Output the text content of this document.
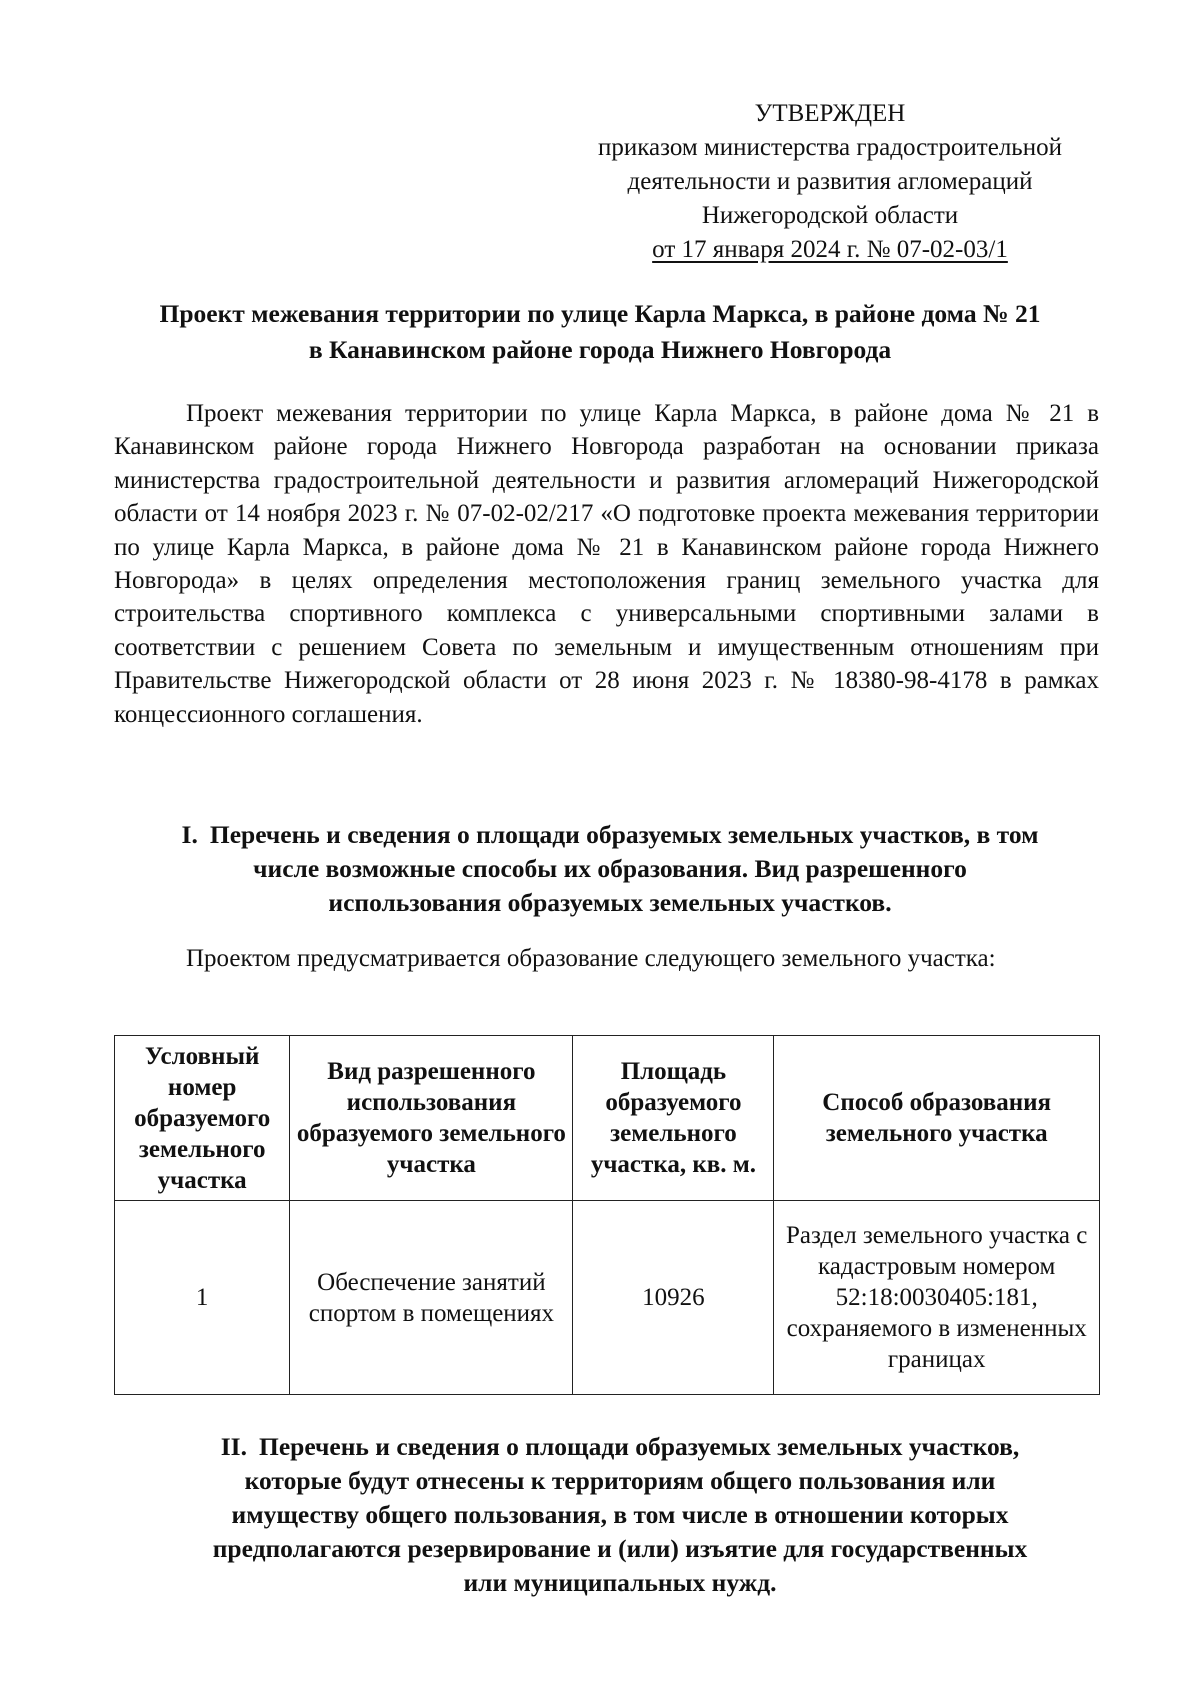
УТВЕРЖДЕН
приказом министерства градостроительной
деятельности и развития агломераций
Нижегородской области
от 17 января 2024 г. № 07-02-03/1
Проект межевания территории по улице Карла Маркса, в районе дома № 21
в Канавинском районе города Нижнего Новгорода

Проект межевания территории по улице Карла Маркса, в районе дома № 21 в Канавинском районе города Нижнего Новгорода разработан на основании приказа министерства градостроительной деятельности и развития агломераций Нижегородской области от 14 ноября 2023 г. № 07-02-02/217 «О подготовке проекта межевания территории по улице Карла Маркса, в районе дома № 21 в Канавинском районе города Нижнего Новгорода» в целях определения местоположения границ земельного участка для строительства спортивного комплекса с универсальными спортивными залами в соответствии с решением Совета по земельным и имущественным отношениям при Правительстве Нижегородской области от 28 июня 2023 г. № 18380-98-4178 в рамках концессионного соглашения.

I. Перечень и сведения о площади образуемых земельных участков, в том
числе возможные способы их образования. Вид разрешенного
использования образуемых земельных участков.

Проектом предусматривается образование следующего земельного участка:

Условный номер образуемого земельного участка	Вид разрешенного использования образуемого земельного участка	Площадь образуемого земельного участка, кв. м.	Способ образования земельного участка
1	Обеспечение занятий спортом в помещениях	10926	Раздел земельного участка с кадастровым номером 52:18:0030405:181, сохраняемого в измененных границах
II. Перечень и сведения о площади образуемых земельных участков,
которые будут отнесены к территориям общего пользования или
имуществу общего пользования, в том числе в отношении которых
предполагаются резервирование и (или) изъятие для государственных
или муниципальных нужд.
